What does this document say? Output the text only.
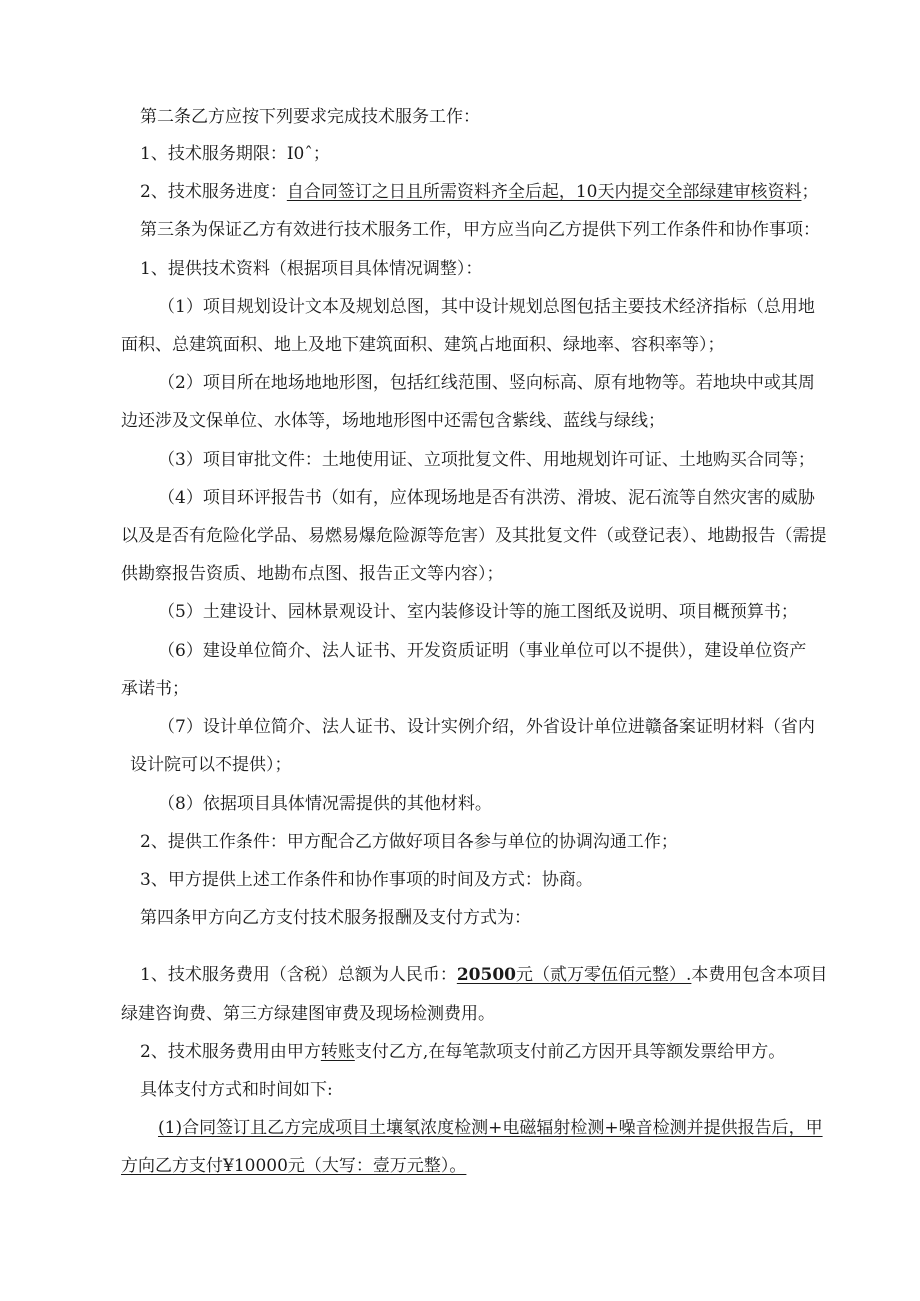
第二条乙方应按下列要求完成技术服务工作：
1、技术服务期限：I0ˆ；
2、技术服务进度：自合同签订之日且所需资料齐全后起，10天内提交全部绿建审核资料；
第三条为保证乙方有效进行技术服务工作，甲方应当向乙方提供下列工作条件和协作事项：
1、提供技术资料（根据项目具体情况调整）：
（1）项目规划设计文本及规划总图，其中设计规划总图包括主要技术经济指标（总用地
面积、总建筑面积、地上及地下建筑面积、建筑占地面积、绿地率、容积率等）；
（2）项目所在地场地地形图，包括红线范围、竖向标高、原有地物等。若地块中或其周
边还涉及文保单位、水体等，场地地形图中还需包含紫线、蓝线与绿线；
（3）项目审批文件：土地使用证、立项批复文件、用地规划许可证、土地购买合同等；
（4）项目环评报告书（如有，应体现场地是否有洪涝、滑坡、泥石流等自然灾害的威胁
以及是否有危险化学品、易燃易爆危险源等危害）及其批复文件（或登记表）、地勘报告（需提
供勘察报告资质、地勘布点图、报告正文等内容）；
（5）土建设计、园林景观设计、室内装修设计等的施工图纸及说明、项目概预算书；
（6）建设单位简介、法人证书、开发资质证明（事业单位可以不提供），建设单位资产
承诺书；
（7）设计单位简介、法人证书、设计实例介绍，外省设计单位进赣备案证明材料（省内
设计院可以不提供）；
（8）依据项目具体情况需提供的其他材料。
2、提供工作条件：甲方配合乙方做好项目各参与单位的协调沟通工作；
3、甲方提供上述工作条件和协作事项的时间及方式：协商。
第四条甲方向乙方支付技术服务报酬及支付方式为：
1、技术服务费用（含税）总额为人民币：20500元（贰万零伍佰元整）.本费用包含本项目
绿建咨询费、第三方绿建图审费及现场检测费用。
2、技术服务费用由甲方转账支付乙方,在每笔款项支付前乙方因开具等额发票给甲方。
具体支付方式和时间如下:
(1)合同签订且乙方完成项目土壤氡浓度检测+电磁辐射检测+噪音检测并提供报告后，甲
方向乙方支付¥10000元（大写：壹万元整）。
